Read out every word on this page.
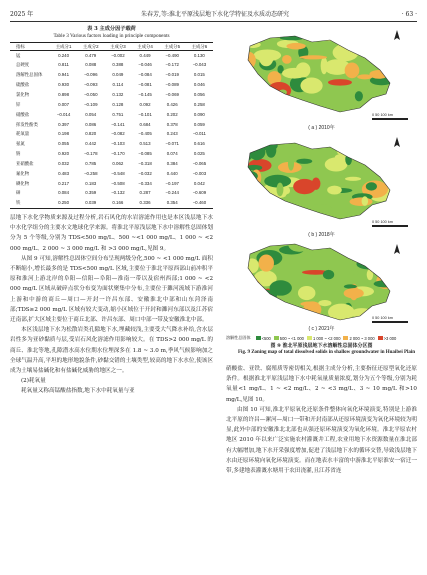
2025 年	朱春芳,等:淮北平原浅层地下水化学特征及水质动态研究	· 63 ·
表 3 主成分因子载荷
Table 3 Various factors loading in principle components
指标	主成分1	主成分2	主成分3	主成分4	主成分5	主成分6
锰	0.240	0.479	−0.002	0.449	−0.490	0.130
总硬度	0.811	0.088	0.388	−0.046	−0.172	−0.043
溶解性总固体	0.941	−0.096	0.049	−0.084	−0.019	0.015
硫酸盐	0.930	−0.093	0.114	−0.081	−0.089	0.046
氯化物	0.898	−0.050	0.132	−0.145	−0.069	0.056
锌	0.007	−0.109	0.128	0.092	0.426	0.258
硝酸盐	−0.014	0.054	0.751	−0.101	0.202	0.090
挥发性酚类	0.397	0.086	−0.141	0.684	0.378	0.059
耗氧量	0.198	0.820	−0.082	−0.405	0.243	−0.011
氨氮	0.055	0.442	−0.103	0.513	−0.071	0.616
钠	0.920	−0.178	−0.170	−0.085	0.074	0.025
亚硝酸盐	0.032	0.785	0.062	−0.318	0.384	−0.065
氟化物	0.483	−0.258	−0.548	−0.032	0.440	−0.003
碘化物	0.217	0.183	−0.508	−0.334	−0.197	0.042
砷	0.084	0.359	−0.132	0.287	−0.244	−0.609
铁	0.250	0.039	0.166	0.336	0.354	−0.460

层地下水化学物质来源及过程分析,岩石风化的水岩溶滤作用也是本区浅层地下水中水化学组分的主要水文地球化学来源。将淮北平原浅层地下水中溶解性总固体划分为 5 个等级,分别为 TDS<500 mg/L、500 ~<1 000 mg/L、1 000 ~ <2 000 mg/L、2 000 ~ 3 000 mg/L 和 >3 000 mg/L,见图 9。

从图 9 可知,溶解性总固体空间分布呈现两级分化,500 ~ <1 000 mg/L 面积不断缩小,增长最多的是 TDS<500 mg/L 区域,主要位于淮北平原西部山前冲积平原和淮河上游北岸的阜阳—信阳—阜阳—淮南一带以及宿州西部;1 000 ~ <2 000 mg/L 区域从破碎点状分布变为面状聚集中分布,主要位于濉河流域下游淮河上游和中游的商丘—周口—开封一许昌东部、安徽淮北中部和山东菏泽南部;TDS≥2 000 mg/L 区域有较大变动,缩小区域位于开封和濉河东部以及江苏宿迁南部,扩大区域主要位于商丘北部、许昌东部、周口中部一带及安徽淮北中部。

本区浅层地下水为松散岩类孔隙地下水,埋藏较浅,主要受大气降水补给,含水层岩性多为亚砂黏质与层,受岩石风化溶滤作用影响较大。在 TDS>2 000 mg/L 的商丘、淮北等地,孔隙潜水高水位期水位埋深多在 1.8 ~ 3.0 m,季风气候影响加之全球气温升高,平坦的地形地貌条件,砂黏交错的土壤类型,较高的地下水水位,使该区成为土壤易盐碱化和有盐碱化威胁的地区之一。

(2)耗氧量

耗氧量又称高锰酸盐指数,地下水中耗氧量与亚

( a ) 2010年
( b ) 2018年
( c ) 2021年
0 50 100 km
0 50 100 km
0 50 100 km
溶解性总固体	<500 500 ~ <1 000 1 000 ~ <2 000 2 000 ~ 3 000 >3 000
图 9 淮北平原浅层地下水溶解性总固体分区图
Fig. 9 Zoning map of total dissolved solids in shallow groundwater in Huaibei Plain

硝酸盐、亚铁、腐殖质等密切相关,根据主成分分析,主要指征还原型氧化还原条件。根据淮北平原浅层地下水中耗氧量质量浓度,划分为五个等级,分别为耗氧量<1 mg/L、1 ~ <2 mg/L、2 ~ <3 mg/L、3 ~ 10 mg/L 和>10 mg/L,见图 10。

由图 10 可知,淮北平原氧化还原条件整体向氧化环境演变,特别是上游淮北平原的许昌—漯河—周口一带和开封南部从还原环境演变为氧化环境较为明显,此外中部的安徽淮北北部也从强还原环境演变为氧化环境。淮北平原农村地区 2010 年以来广泛实施农村灌溉井工程,农业用地下水资源数量在淮北部有大幅增加,地下水开采强度增加,促进了浅层地下水的循环交替,导致浅层地下水由还原环境向氧化环境演变。而在地表水丰富的中游淮北平原淮安一宿迁一带,多建地表灌溉水塘用于农田浇灌,且江苏省连
